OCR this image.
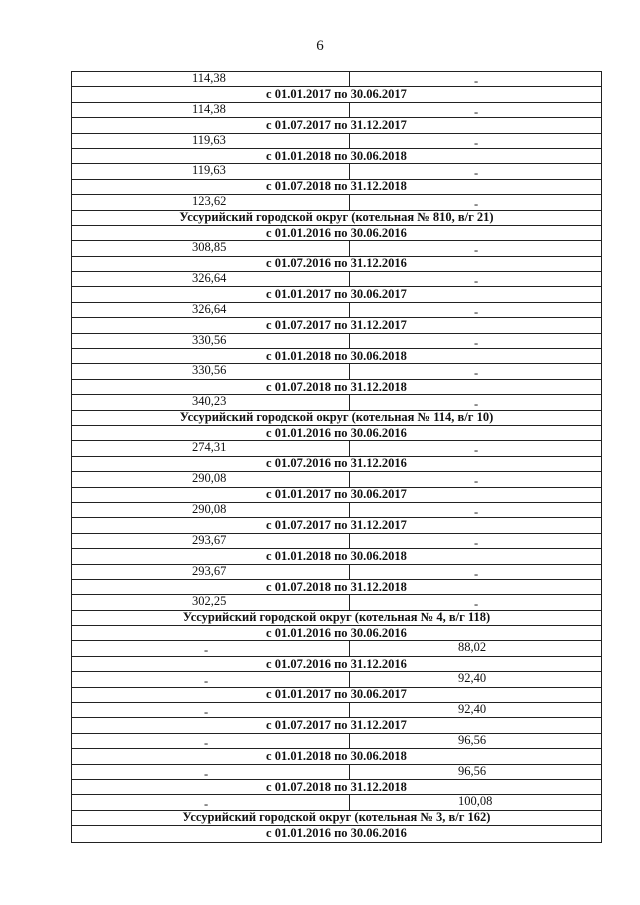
6
114,38	-
с 01.01.2017 по 30.06.2017
114,38	-
с 01.07.2017 по 31.12.2017
119,63	-
с 01.01.2018 по 30.06.2018
119,63	-
с 01.07.2018 по 31.12.2018
123,62	-
Уссурийский городской округ (котельная № 810, в/г 21)
с 01.01.2016 по 30.06.2016
308,85	-
с 01.07.2016 по 31.12.2016
326,64	-
с 01.01.2017 по 30.06.2017
326,64	-
с 01.07.2017 по 31.12.2017
330,56	-
с 01.01.2018 по 30.06.2018
330,56	-
с 01.07.2018 по 31.12.2018
340,23	-
Уссурийский городской округ (котельная № 114, в/г 10)
с 01.01.2016 по 30.06.2016
274,31	-
с 01.07.2016 по 31.12.2016
290,08	-
с 01.01.2017 по 30.06.2017
290,08	-
с 01.07.2017 по 31.12.2017
293,67	-
с 01.01.2018 по 30.06.2018
293,67	-
с 01.07.2018 по 31.12.2018
302,25	-
Уссурийский городской округ (котельная № 4, в/г 118)
с 01.01.2016 по 30.06.2016
-	88,02
с 01.07.2016 по 31.12.2016
-	92,40
с 01.01.2017 по 30.06.2017
-	92,40
с 01.07.2017 по 31.12.2017
-	96,56
с 01.01.2018 по 30.06.2018
-	96,56
с 01.07.2018 по 31.12.2018
-	100,08
Уссурийский городской округ (котельная № 3, в/г 162)
с 01.01.2016 по 30.06.2016
